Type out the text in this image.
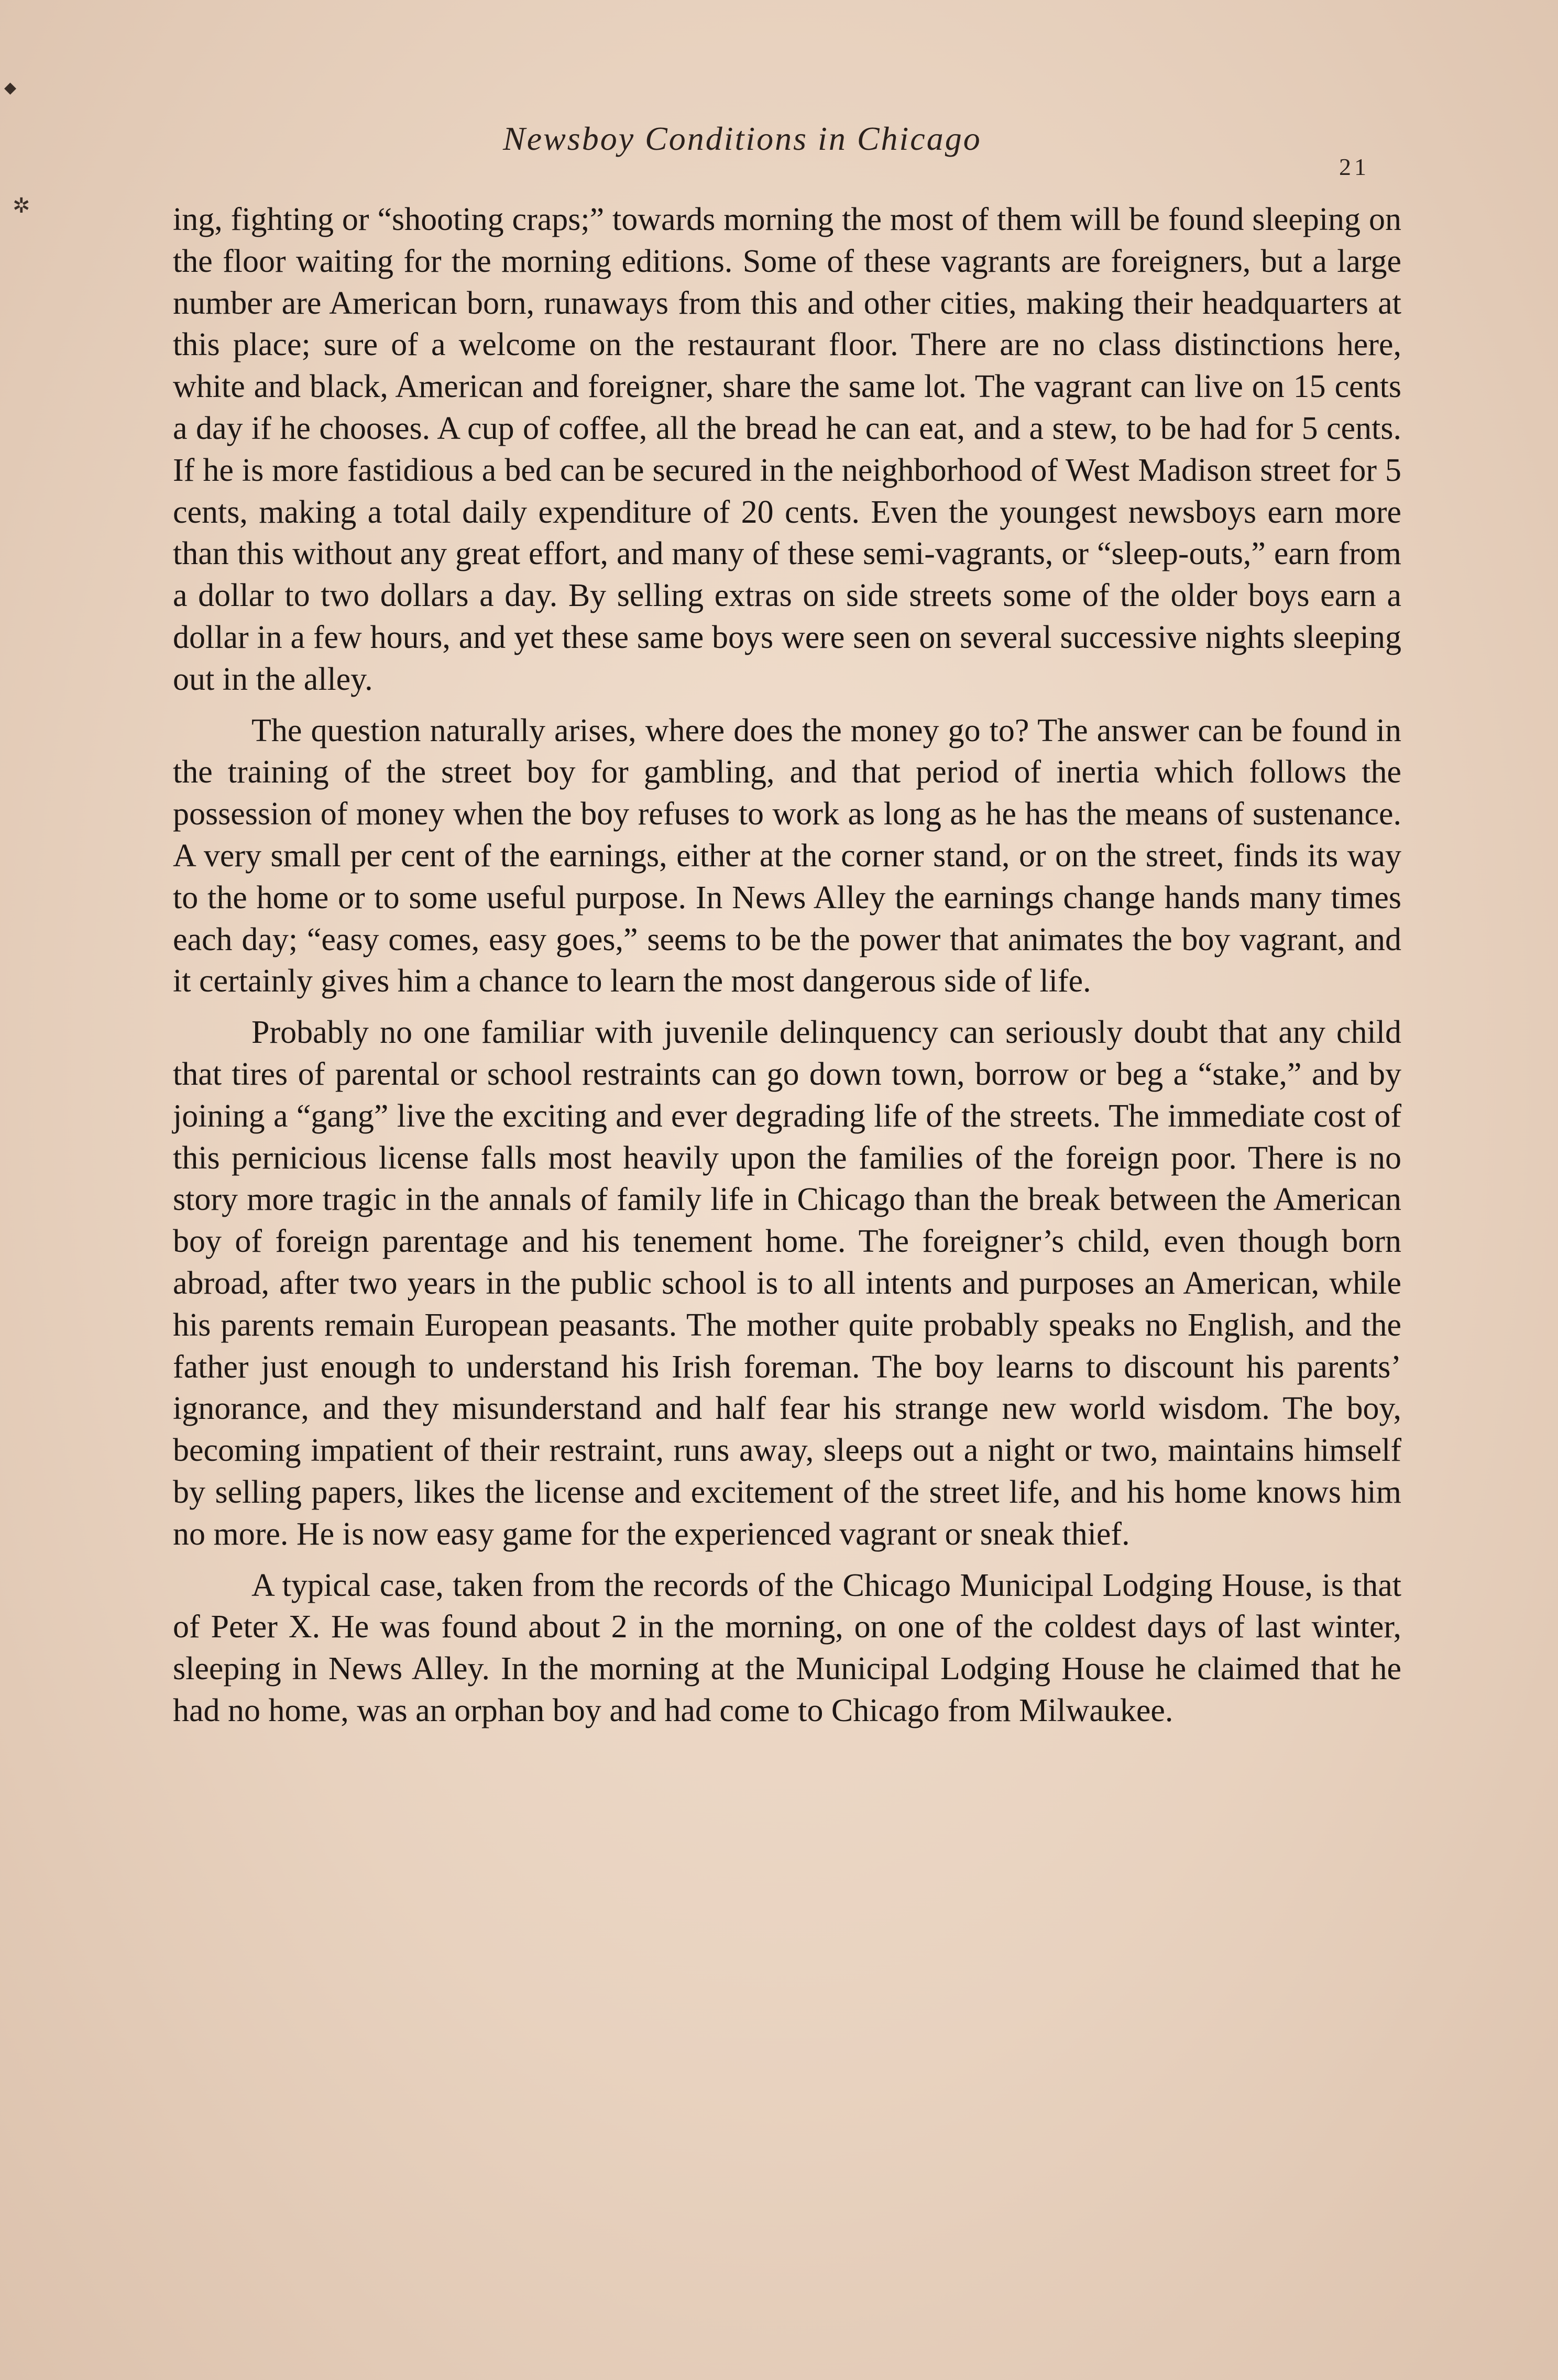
◆
✲
Newsboy Conditions in Chicago
21

ing, fighting or “shooting craps;” towards morning the most of them will be found sleeping on the floor waiting for the morning editions. Some of these vagrants are foreigners, but a large number are American born, runaways from this and other cities, making their headquarters at this place; sure of a welcome on the restaurant floor. There are no class distinctions here, white and black, American and foreigner, share the same lot. The vagrant can live on 15 cents a day if he chooses. A cup of coffee, all the bread he can eat, and a stew, to be had for 5 cents. If he is more fastidious a bed can be secured in the neighborhood of West Madison street for 5 cents, making a total daily expenditure of 20 cents. Even the youngest newsboys earn more than this without any great effort, and many of these semi-vagrants, or “sleep-outs,” earn from a dollar to two dollars a day. By selling extras on side streets some of the older boys earn a dollar in a few hours, and yet these same boys were seen on several successive nights sleeping out in the alley.

The question naturally arises, where does the money go to? The answer can be found in the training of the street boy for gambling, and that period of inertia which follows the possession of money when the boy refuses to work as long as he has the means of sustenance. A very small per cent of the earnings, either at the corner stand, or on the street, finds its way to the home or to some useful purpose. In News Alley the earnings change hands many times each day; “easy comes, easy goes,” seems to be the power that animates the boy vagrant, and it certainly gives him a chance to learn the most dangerous side of life.

Probably no one familiar with juvenile delinquency can seriously doubt that any child that tires of parental or school restraints can go down town, borrow or beg a “stake,” and by joining a “gang” live the exciting and ever degrading life of the streets. The immediate cost of this pernicious license falls most heavily upon the families of the foreign poor. There is no story more tragic in the annals of family life in Chicago than the break between the American boy of foreign parentage and his tenement home. The foreigner’s child, even though born abroad, after two years in the public school is to all intents and purposes an American, while his parents remain European peasants. The mother quite probably speaks no English, and the father just enough to understand his Irish foreman. The boy learns to discount his parents’ ignorance, and they misunderstand and half fear his strange new world wisdom. The boy, becoming impatient of their restraint, runs away, sleeps out a night or two, maintains himself by selling papers, likes the license and excitement of the street life, and his home knows him no more. He is now easy game for the experienced vagrant or sneak thief.

A typical case, taken from the records of the Chicago Municipal Lodging House, is that of Peter X. He was found about 2 in the morning, on one of the coldest days of last winter, sleeping in News Alley. In the morning at the Municipal Lodging House he claimed that he had no home, was an orphan boy and had come to Chicago from Milwaukee.
